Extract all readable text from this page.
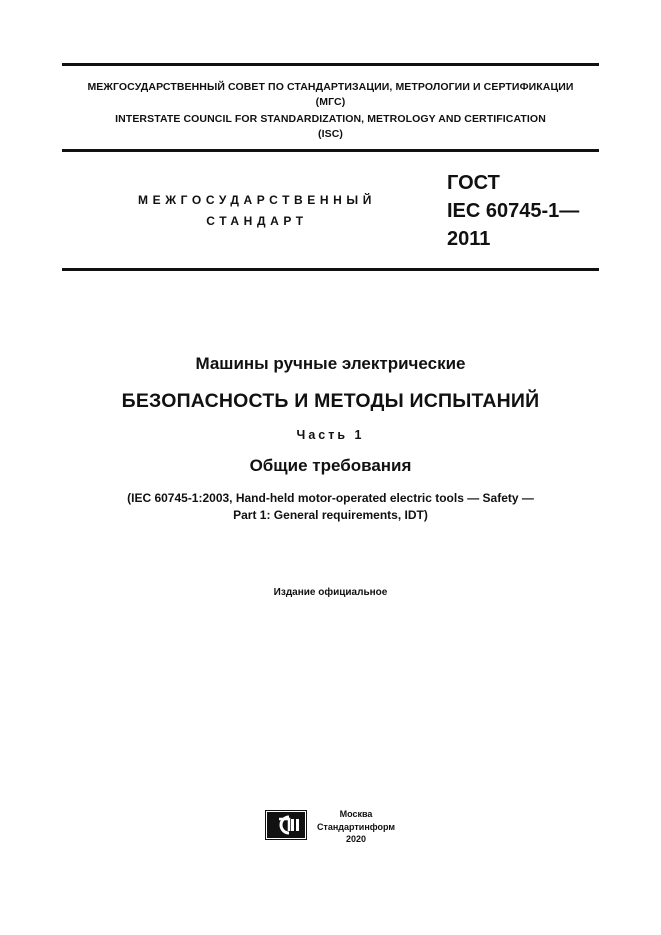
МЕЖГОСУДАРСТВЕННЫЙ СОВЕТ ПО СТАНДАРТИЗАЦИИ, МЕТРОЛОГИИ И СЕРТИФИКАЦИИ
(МГС)
INTERSTATE COUNCIL FOR STANDARDIZATION, METROLOGY AND CERTIFICATION
(ISC)
МЕЖГОСУДАРСТВЕННЫЙ
СТАНДАРТ
ГОСТ
IEC 60745-1—
2011
Машины ручные электрические
БЕЗОПАСНОСТЬ И МЕТОДЫ ИСПЫТАНИЙ
Часть 1
Общие требования
(IEC 60745-1:2003, Hand-held motor-operated electric tools — Safety —
Part 1: General requirements, IDT)
Издание официальное
Москва
Стандартинформ
2020
